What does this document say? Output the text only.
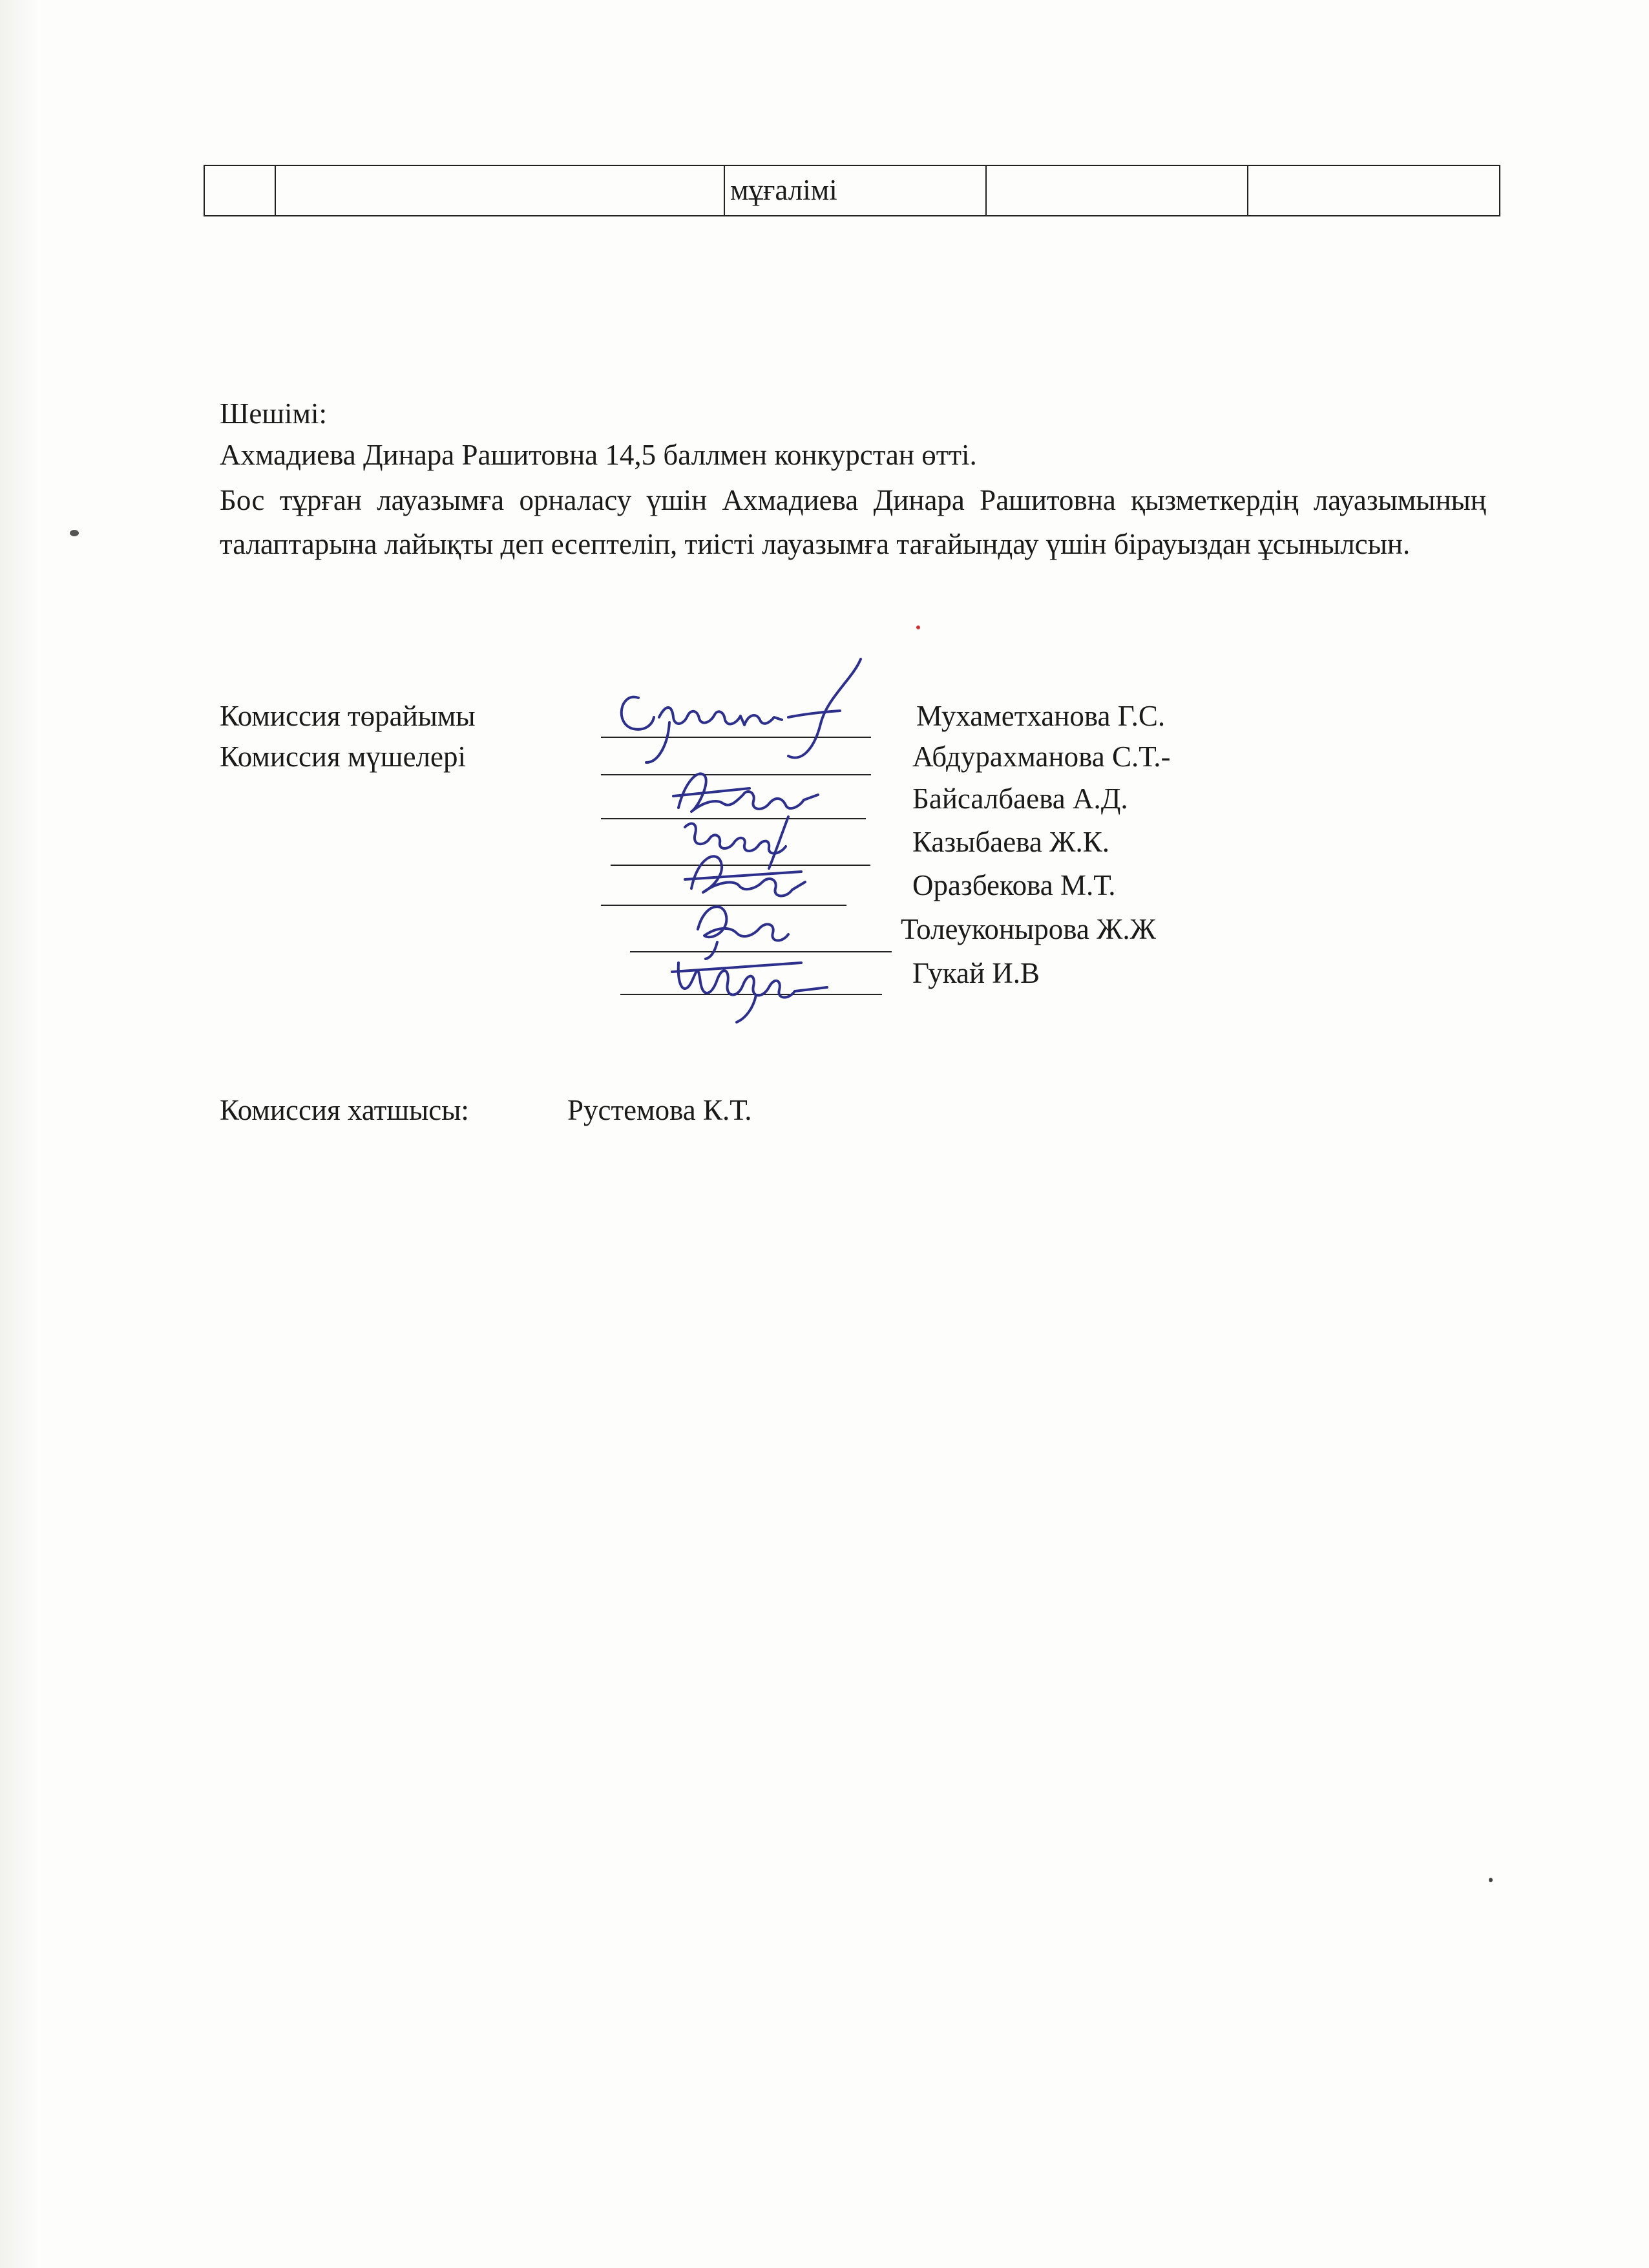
		мұғалімі		
Шешімі:
Ахмадиева Динара Рашитовна 14,5 баллмен конкурстан өтті.
Бос тұрған лауазымға орналасу үшін Ахмадиева Динара Рашитовна қызметкердің лауазымының талаптарына лайықты деп есептеліп, тиісті лауазымға тағайындау үшін бірауыздан ұсынылсын.
Комиссия төрайымы
Комиссия мүшелері
Мухаметханова Г.С.
Абдурахманова С.Т.-
Байсалбаева А.Д.
Казыбаева Ж.К.
Оразбекова М.Т.
Толеуконырова Ж.Ж
Гукай И.В
Комиссия хатшысы:	Рустемова К.Т.
